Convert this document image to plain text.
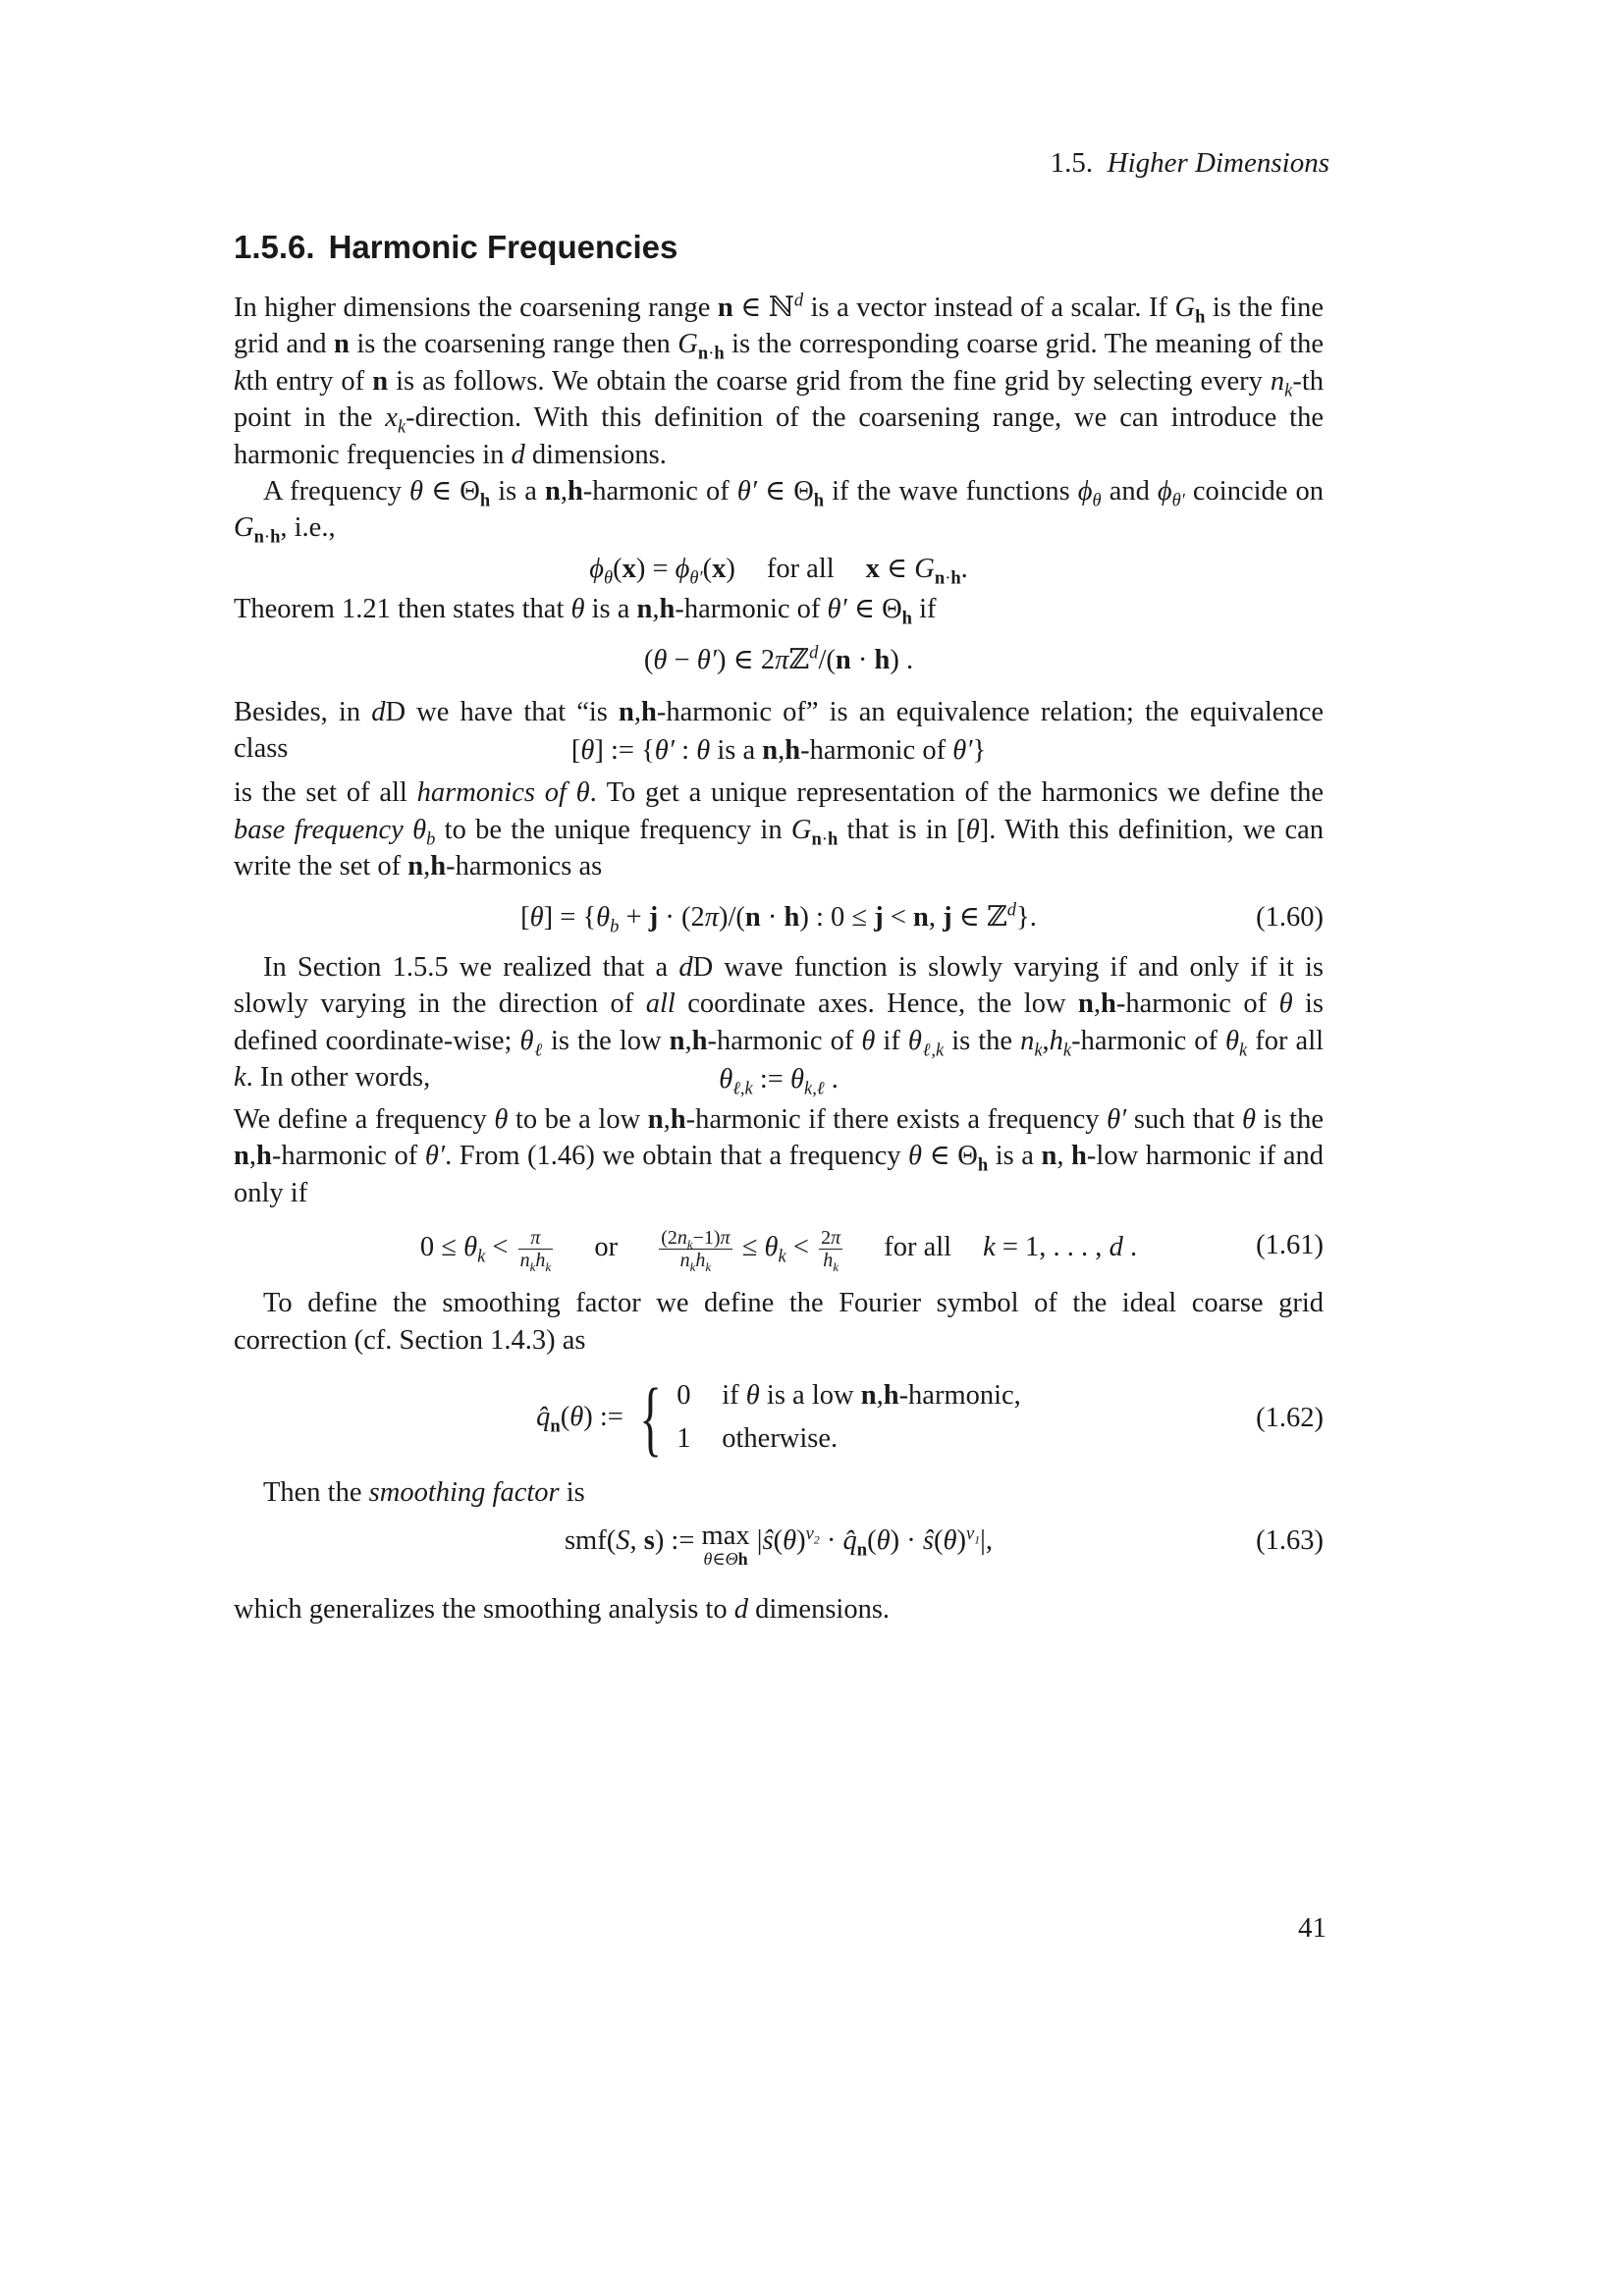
1.5. Higher Dimensions
1.5.6. Harmonic Frequencies

In higher dimensions the coarsening range n ∈ ℕ$^d$ is a vector instead of a scalar. If $G_h$ is the fine grid and n is the coarsening range then $G_{n\cdot h}$ is the corresponding coarse grid. The meaning of the kth entry of n is as follows. We obtain the coarse grid from the fine grid by selecting every $n_k-th$ point in the $x_k$-direction. With this definition of the coarsening range, we can introduce the harmonic frequencies in d dimensions.

A frequency θ ∈ $\Theta_h$ is a n,h-harmonic of θ′ ∈ $\Theta_h$ if the wave functions $\phi_\theta$ and $\phi_{\theta'}$ coincide on $G_{n\cdot h}$, i.e.,

$\phi_\theta(x) = \phi_{\theta'}(x)$ for all x ∈ $G_{n\cdot h}$.

Theorem 1.21 then states that θ is a n,h-harmonic of θ′ ∈ $\Theta_h$ if

(θ − θ′) ∈ 2πℤ$^d$/(n · h) .

Besides, in dD we have that “is n,h-harmonic of” is an equivalence relation; the equivalence class	[θ] := {θ′ : θ is a n,h-harmonic of θ′}

is the set of all harmonics of θ. To get a unique representation of the harmonics we define the base frequency $\theta_b$ to be the unique frequency in $G_{n\cdot h}$ that is in [θ]. With this definition, we can write the set of n,h-harmonics as

$[\theta] = \{\theta_b + j \cdot (2\pi)/(n \cdot h)$ : 0 ≤ j < n, j ∈ ℤ$^d$}.	(1.60)

In Section 1.5.5 we realized that a dD wave function is slowly varying if and only if it is slowly varying in the direction of all coordinate axes. Hence, the low n,h-harmonic of θ is defined coordinate-wise; $\theta_\ell$ is the low n,h-harmonic of θ if $\theta_{\ell,k}$ is the $n_k,h_k$-harmonic of $\theta_k$ for all k. In other words,	$\theta_{\ell,k}$ := $\theta_{k,\ell}$ .

We define a frequency θ to be a low n,h-harmonic if there exists a frequency θ′ such that θ is the n,h-harmonic of θ′. From (1.46) we obtain that a frequency θ ∈ $\Theta_h$ is a n, h-low harmonic if and only if

$0 \le \theta_k < \frac{\pi}{n_kh_k}$ or $\frac{(2n_k-1)\pi}{n_kh_k} \le \theta_k < \frac{2\pi}{h_k}$ for all k = 1, . . . , d .	(1.61)

To define the smoothing factor we define the Fourier symbol of the ideal coarse grid correction (cf. Section 1.4.3) as

$q̂_n(\theta)$ := { 0 if θ is a low n,h-harmonic,
1 otherwise.
(1.62)

Then the smoothing factor is

smf(S, s) := max
θ∈Θh
$|ŝ(\theta)^{\nu_2}$ · $q̂_n(\theta)$ · $ŝ(\theta)^{\nu_1}|$,	(1.63)

which generalizes the smoothing analysis to d dimensions.

41
